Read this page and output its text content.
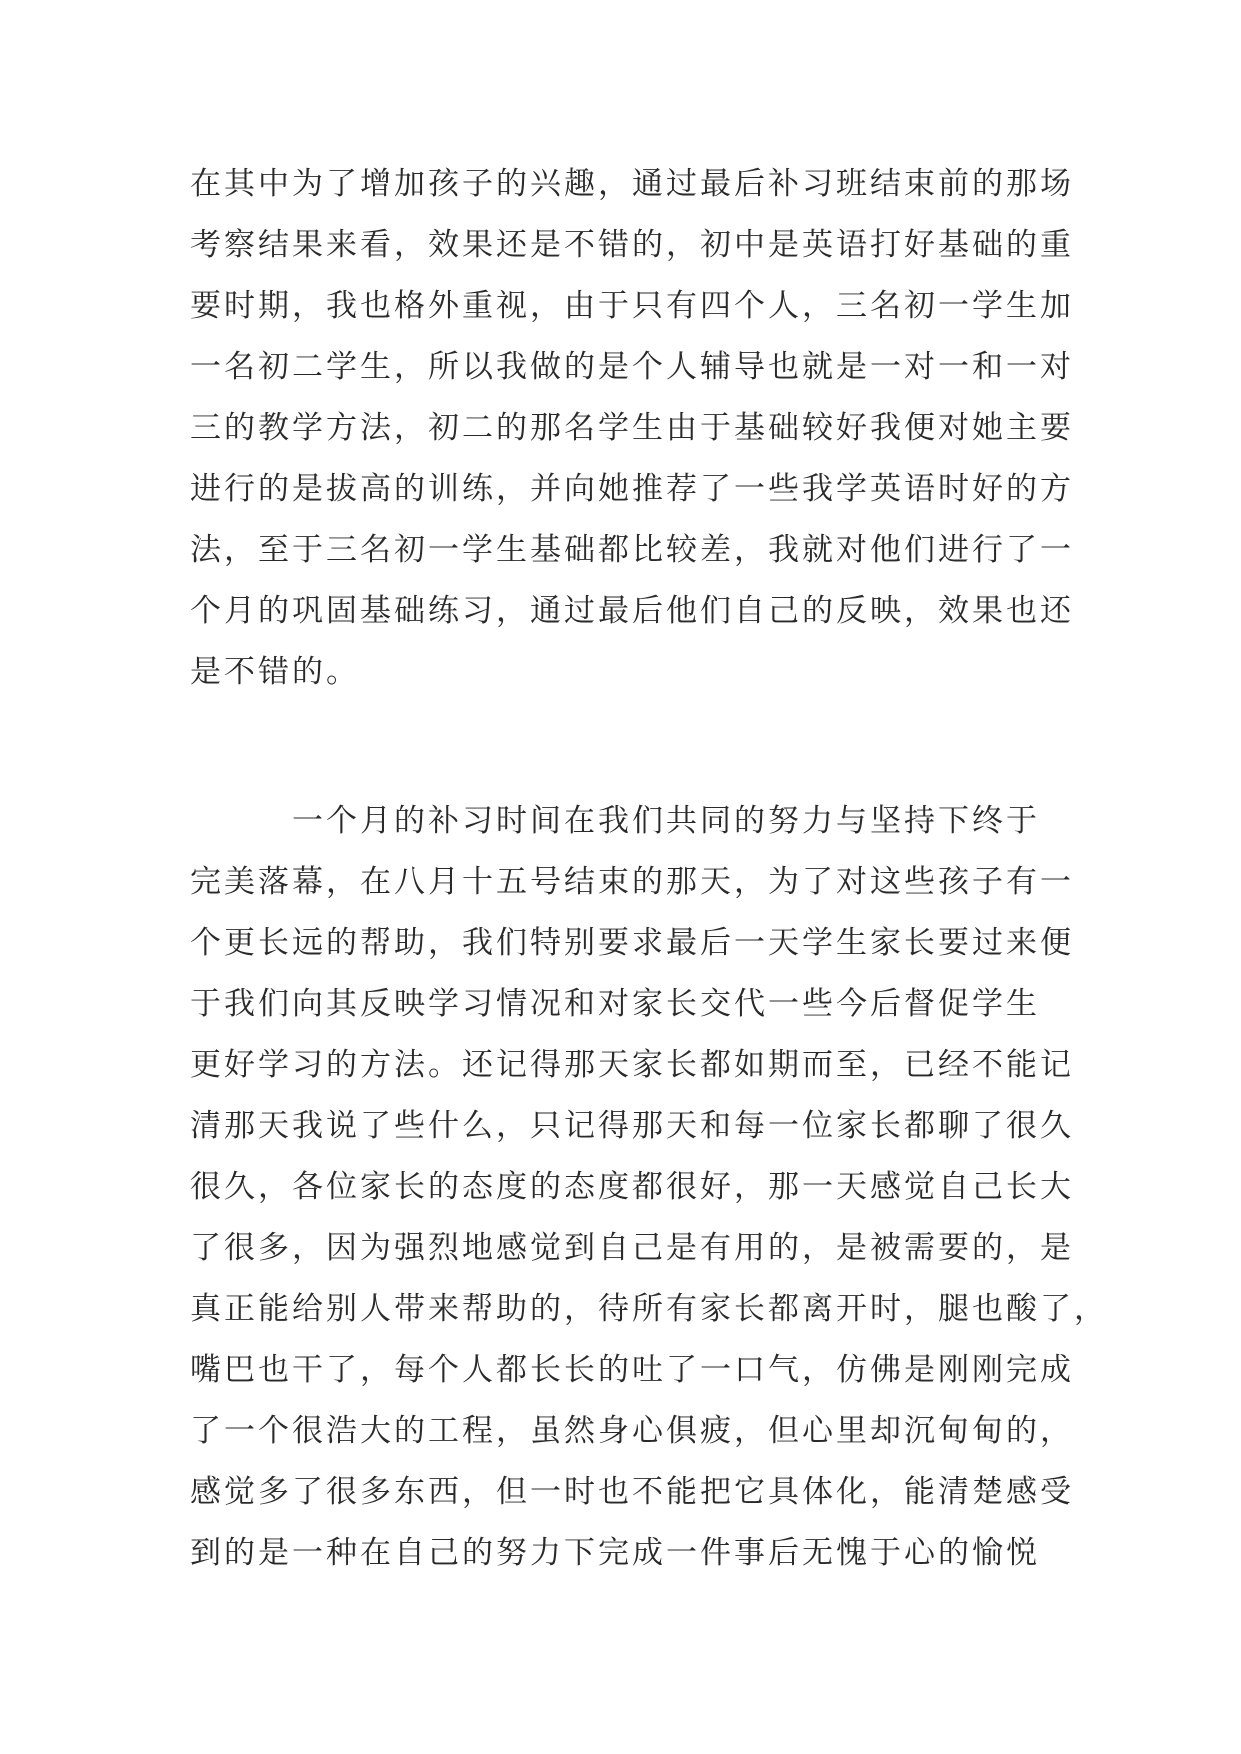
在其中为了增加孩子的兴趣，通过最后补习班结束前的那场
考察结果来看，效果还是不错的，初中是英语打好基础的重
要时期，我也格外重视，由于只有四个人，三名初一学生加
一名初二学生，所以我做的是个人辅导也就是一对一和一对
三的教学方法，初二的那名学生由于基础较好我便对她主要
进行的是拔高的训练，并向她推荐了一些我学英语时好的方
法，至于三名初一学生基础都比较差，我就对他们进行了一
个月的巩固基础练习，通过最后他们自己的反映，效果也还
是不错的。
　　　一个月的补习时间在我们共同的努力与坚持下终于
完美落幕，在八月十五号结束的那天，为了对这些孩子有一
个更长远的帮助，我们特别要求最后一天学生家长要过来便
于我们向其反映学习情况和对家长交代一些今后督促学生
更好学习的方法。还记得那天家长都如期而至，已经不能记
清那天我说了些什么，只记得那天和每一位家长都聊了很久
很久，各位家长的态度的态度都很好，那一天感觉自己长大
了很多，因为强烈地感觉到自己是有用的，是被需要的，是
真正能给别人带来帮助的，待所有家长都离开时，腿也酸了，
嘴巴也干了，每个人都长长的吐了一口气，仿佛是刚刚完成
了一个很浩大的工程，虽然身心俱疲，但心里却沉甸甸的，
感觉多了很多东西，但一时也不能把它具体化，能清楚感受
到的是一种在自己的努力下完成一件事后无愧于心的愉悦
